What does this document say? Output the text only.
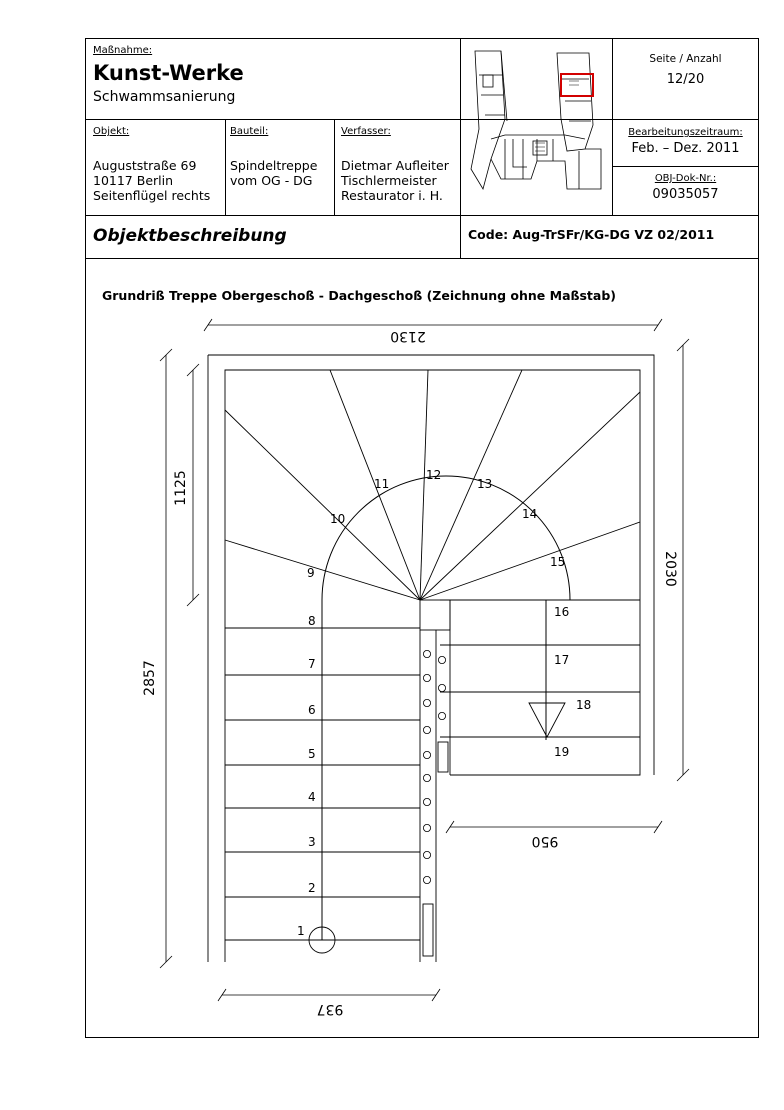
Maßnahme:
Kunst-Werke
Schwammsanierung
Seite / Anzahl
12/20
Objekt:
Auguststraße 69
10117 Berlin
Seitenflügel rechts
Bauteil:
Spindeltreppe
vom OG - DG
Verfasser:
Dietmar Aufleiter
Tischlermeister
Restaurator i. H.
Bearbeitungszeitraum:
Feb. – Dez. 2011
OBJ-Dok-Nr.:
09035057
Objektbeschreibung	Code: Aug-TrSFr/KG-DG VZ 02/2011
Grundriß Treppe Obergeschoß - Dachgeschoß (Zeichnung ohne Maßstab)
2130
2857
1125
2030
950
937
1
2
3
4
5
6
7
8
9
10
11
12
13
14
15
16
17
18
19
